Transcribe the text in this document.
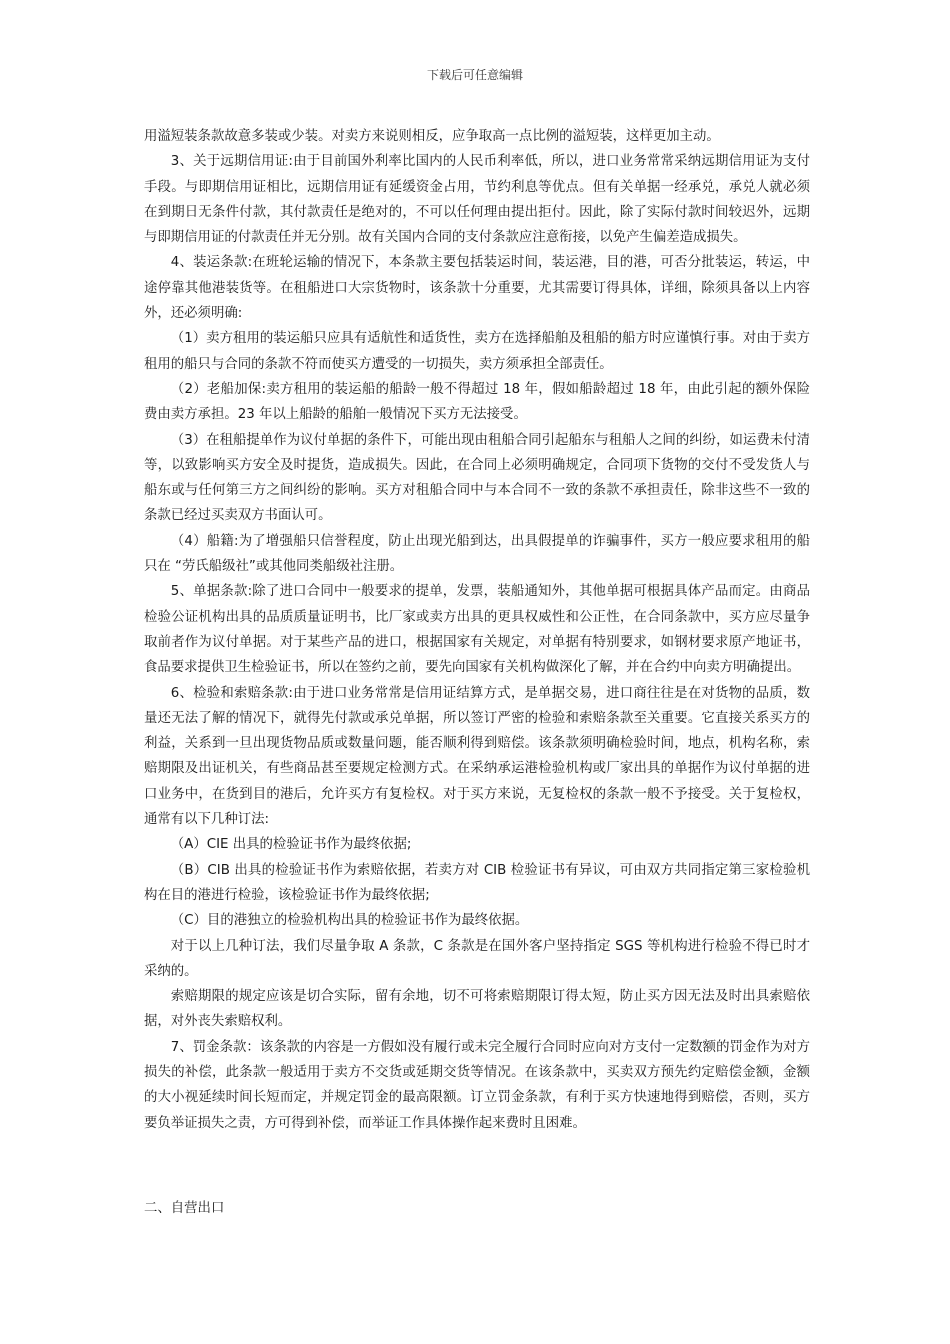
下载后可任意编辑

用溢短装条款故意多装或少装。对卖方来说则相反，应争取高一点比例的溢短装，这样更加主动。

3、关于远期信用证:由于目前国外利率比国内的人民币利率低，所以，进口业务常常采纳远期信用证为支付手段。与即期信用证相比，远期信用证有延缓资金占用，节约利息等优点。但有关单据一经承兑，承兑人就必须在到期日无条件付款，其付款责任是绝对的，不可以任何理由提出拒付。因此，除了实际付款时间较迟外，远期与即期信用证的付款责任并无分别。故有关国内合同的支付条款应注意衔接，以免产生偏差造成损失。

4、装运条款:在班轮运输的情况下，本条款主要包括装运时间，装运港，目的港，可否分批装运，转运，中途停靠其他港装货等。在租船进口大宗货物时，该条款十分重要，尤其需要订得具体，详细，除须具备以上内容外，还必须明确:

（1）卖方租用的装运船只应具有适航性和适货性，卖方在选择船舶及租船的船方时应谨慎行事。对由于卖方租用的船只与合同的条款不符而使买方遭受的一切损失，卖方须承担全部责任。

（2）老船加保:卖方租用的装运船的船龄一般不得超过 18 年，假如船龄超过 18 年，由此引起的额外保险费由卖方承担。23 年以上船龄的船舶一般情况下买方无法接受。

（3）在租船提单作为议付单据的条件下，可能出现由租船合同引起船东与租船人之间的纠纷，如运费未付清等，以致影响买方安全及时提货，造成损失。因此，在合同上必须明确规定，合同项下货物的交付不受发货人与船东或与任何第三方之间纠纷的影响。买方对租船合同中与本合同不一致的条款不承担责任，除非这些不一致的条款已经过买卖双方书面认可。

（4）船籍:为了增强船只信誉程度，防止出现光船到达，出具假提单的诈骗事件，买方一般应要求租用的船只在 “劳氏船级社”或其他同类船级社注册。

5、单据条款:除了进口合同中一般要求的提单，发票，装船通知外，其他单据可根据具体产品而定。由商品检验公证机构出具的品质质量证明书，比厂家或卖方出具的更具权威性和公正性，在合同条款中，买方应尽量争取前者作为议付单据。对于某些产品的进口，根据国家有关规定，对单据有特别要求，如钢材要求原产地证书，食品要求提供卫生检验证书，所以在签约之前，要先向国家有关机构做深化了解，并在合约中向卖方明确提出。

6、检验和索赔条款:由于进口业务常常是信用证结算方式，是单据交易，进口商往往是在对货物的品质，数量还无法了解的情况下，就得先付款或承兑单据，所以签订严密的检验和索赔条款至关重要。它直接关系买方的利益，关系到一旦出现货物品质或数量问题，能否顺利得到赔偿。该条款须明确检验时间，地点，机构名称，索赔期限及出证机关，有些商品甚至要规定检测方式。在采纳承运港检验机构或厂家出具的单据作为议付单据的进口业务中，在货到目的港后，允许买方有复检权。对于买方来说，无复检权的条款一般不予接受。关于复检权，通常有以下几种订法:

（A）CIE 出具的检验证书作为最终依据;

（B）CIB 出具的检验证书作为索赔依据，若卖方对 CIB 检验证书有异议，可由双方共同指定第三家检验机构在目的港进行检验，该检验证书作为最终依据;

（C）目的港独立的检验机构出具的检验证书作为最终依据。

对于以上几种订法，我们尽量争取 A 条款，C 条款是在国外客户坚持指定 SGS 等机构进行检验不得已时才采纳的。

索赔期限的规定应该是切合实际，留有余地，切不可将索赔期限订得太短，防止买方因无法及时出具索赔依据，对外丧失索赔权利。

7、罚金条款：该条款的内容是一方假如没有履行或未完全履行合同时应向对方支付一定数额的罚金作为对方损失的补偿，此条款一般适用于卖方不交货或延期交货等情况。在该条款中，买卖双方预先约定赔偿金额，金额的大小视延续时间长短而定，并规定罚金的最高限额。订立罚金条款，有利于买方快速地得到赔偿，否则，买方要负举证损失之责，方可得到补偿，而举证工作具体操作起来费时且困难。

二、自营出口
